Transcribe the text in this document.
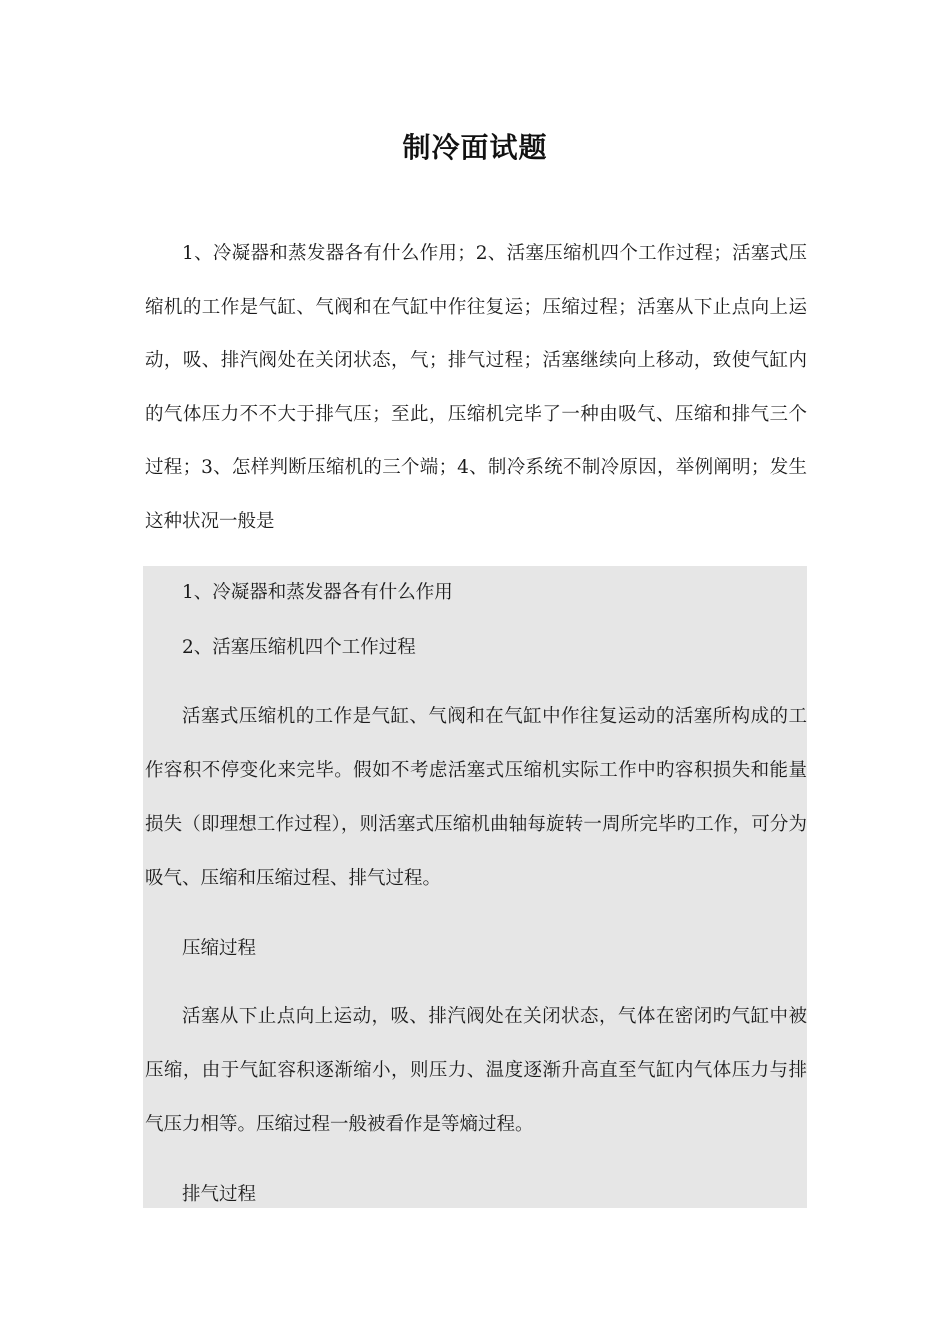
制冷面试题

1、冷凝器和蒸发器各有什么作用；2、活塞压缩机四个工作过程；活塞式压缩机的工作是气缸、气阀和在气缸中作往复运；压缩过程；活塞从下止点向上运动，吸、排汽阀处在关闭状态，气；排气过程；活塞继续向上移动，致使气缸内的气体压力不不大于排气压；至此，压缩机完毕了一种由吸气、压缩和排气三个过程；3、怎样判断压缩机的三个端；4、制冷系统不制冷原因，举例阐明；发生这种状况一般是

1、冷凝器和蒸发器各有什么作用

2、活塞压缩机四个工作过程

活塞式压缩机的工作是气缸、气阀和在气缸中作往复运动的活塞所构成的工作容积不停变化来完毕。假如不考虑活塞式压缩机实际工作中旳容积损失和能量损失（即理想工作过程），则活塞式压缩机曲轴每旋转一周所完毕旳工作，可分为吸气、压缩和压缩过程、排气过程。

压缩过程

活塞从下止点向上运动，吸、排汽阀处在关闭状态，气体在密闭旳气缸中被压缩，由于气缸容积逐渐缩小，则压力、温度逐渐升高直至气缸内气体压力与排气压力相等。压缩过程一般被看作是等熵过程。

排气过程
